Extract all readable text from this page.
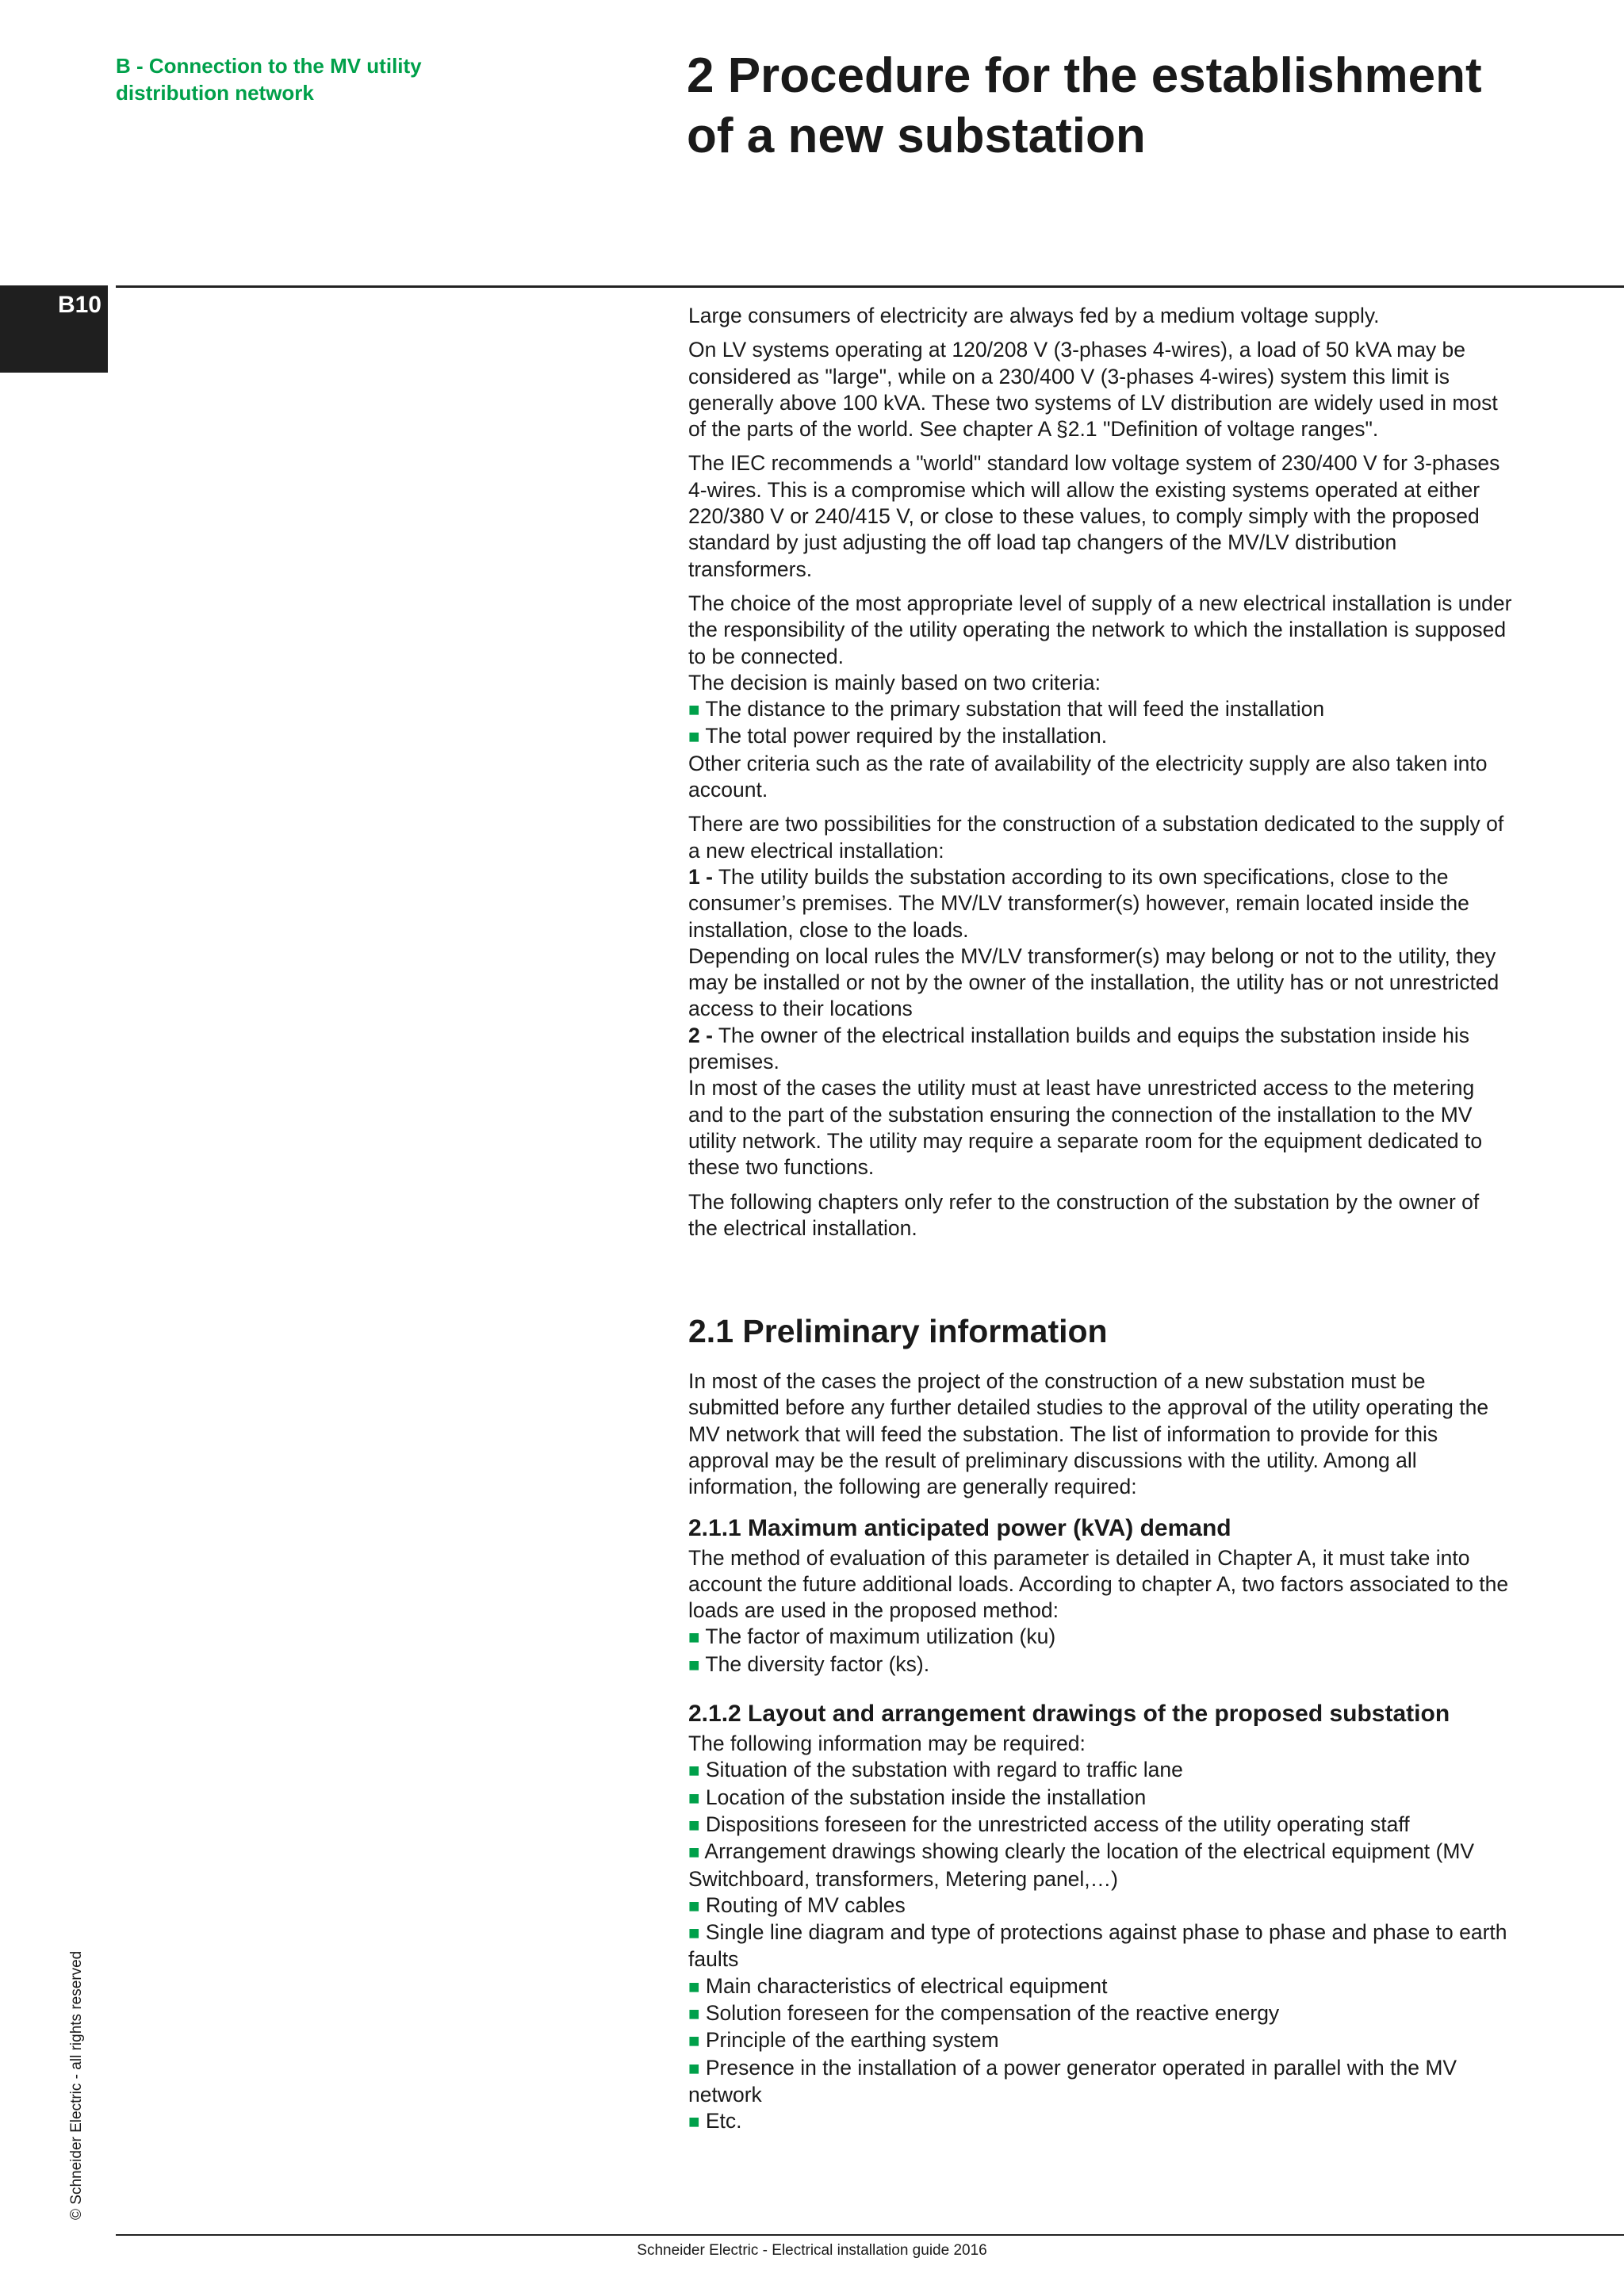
B - Connection to the MV utility
distribution network	2 Procedure for the establishment
of a new substation
B10	Large consumers of electricity are always fed by a medium voltage supply.

On LV systems operating at 120/208 V (3-phases 4-wires), a load of 50 kVA may be considered as "large", while on a 230/400 V (3-phases 4-wires) system this limit is generally above 100 kVA. These two systems of LV distribution are widely used in most of the parts of the world. See chapter A §2.1 "Definition of voltage ranges".

The IEC recommends a "world" standard low voltage system of 230/400 V for 3-phases 4-wires. This is a compromise which will allow the existing systems operated at either 220/380 V or 240/415 V, or close to these values, to comply simply with the proposed standard by just adjusting the off load tap changers of the MV/LV distribution transformers.

The choice of the most appropriate level of supply of a new electrical installation is under the responsibility of the utility operating the network to which the installation is supposed to be connected.

The decision is mainly based on two criteria:

■ The distance to the primary substation that will feed the installation
■ The total power required by the installation.

Other criteria such as the rate of availability of the electricity supply are also taken into account.

There are two possibilities for the construction of a substation dedicated to the supply of a new electrical installation:

1 - The utility builds the substation according to its own specifications, close to the consumer’s premises. The MV/LV transformer(s) however, remain located inside the installation, close to the loads.

Depending on local rules the MV/LV transformer(s) may belong or not to the utility, they may be installed or not by the owner of the installation, the utility has or not unrestricted access to their locations

2 - The owner of the electrical installation builds and equips the substation inside his premises.

In most of the cases the utility must at least have unrestricted access to the metering and to the part of the substation ensuring the connection of the installation to the MV utility network. The utility may require a separate room for the equipment dedicated to these two functions.

The following chapters only refer to the construction of the substation by the owner of the electrical installation.

2.1 Preliminary information

In most of the cases the project of the construction of a new substation must be submitted before any further detailed studies to the approval of the utility operating the MV network that will feed the substation. The list of information to provide for this approval may be the result of preliminary discussions with the utility. Among all information, the following are generally required:

2.1.1 Maximum anticipated power (kVA) demand

The method of evaluation of this parameter is detailed in Chapter A, it must take into account the future additional loads. According to chapter A, two factors associated to the loads are used in the proposed method:

■ The factor of maximum utilization (ku)
■ The diversity factor (ks).
2.1.2 Layout and arrangement drawings of the proposed substation

The following information may be required:

■ Situation of the substation with regard to traffic lane
■ Location of the substation inside the installation
■ Dispositions foreseen for the unrestricted access of the utility operating staff
■ Arrangement drawings showing clearly the location of the electrical equipment (MV Switchboard, transformers, Metering panel,…)
■ Routing of MV cables
■ Single line diagram and type of protections against phase to phase and phase to earth faults
■ Main characteristics of electrical equipment
■ Solution foreseen for the compensation of the reactive energy
■ Principle of the earthing system
■ Presence in the installation of a power generator operated in parallel with the MV network
■ Etc.
© Schneider Electric - all rights reserved
Schneider Electric - Electrical installation guide 2016
